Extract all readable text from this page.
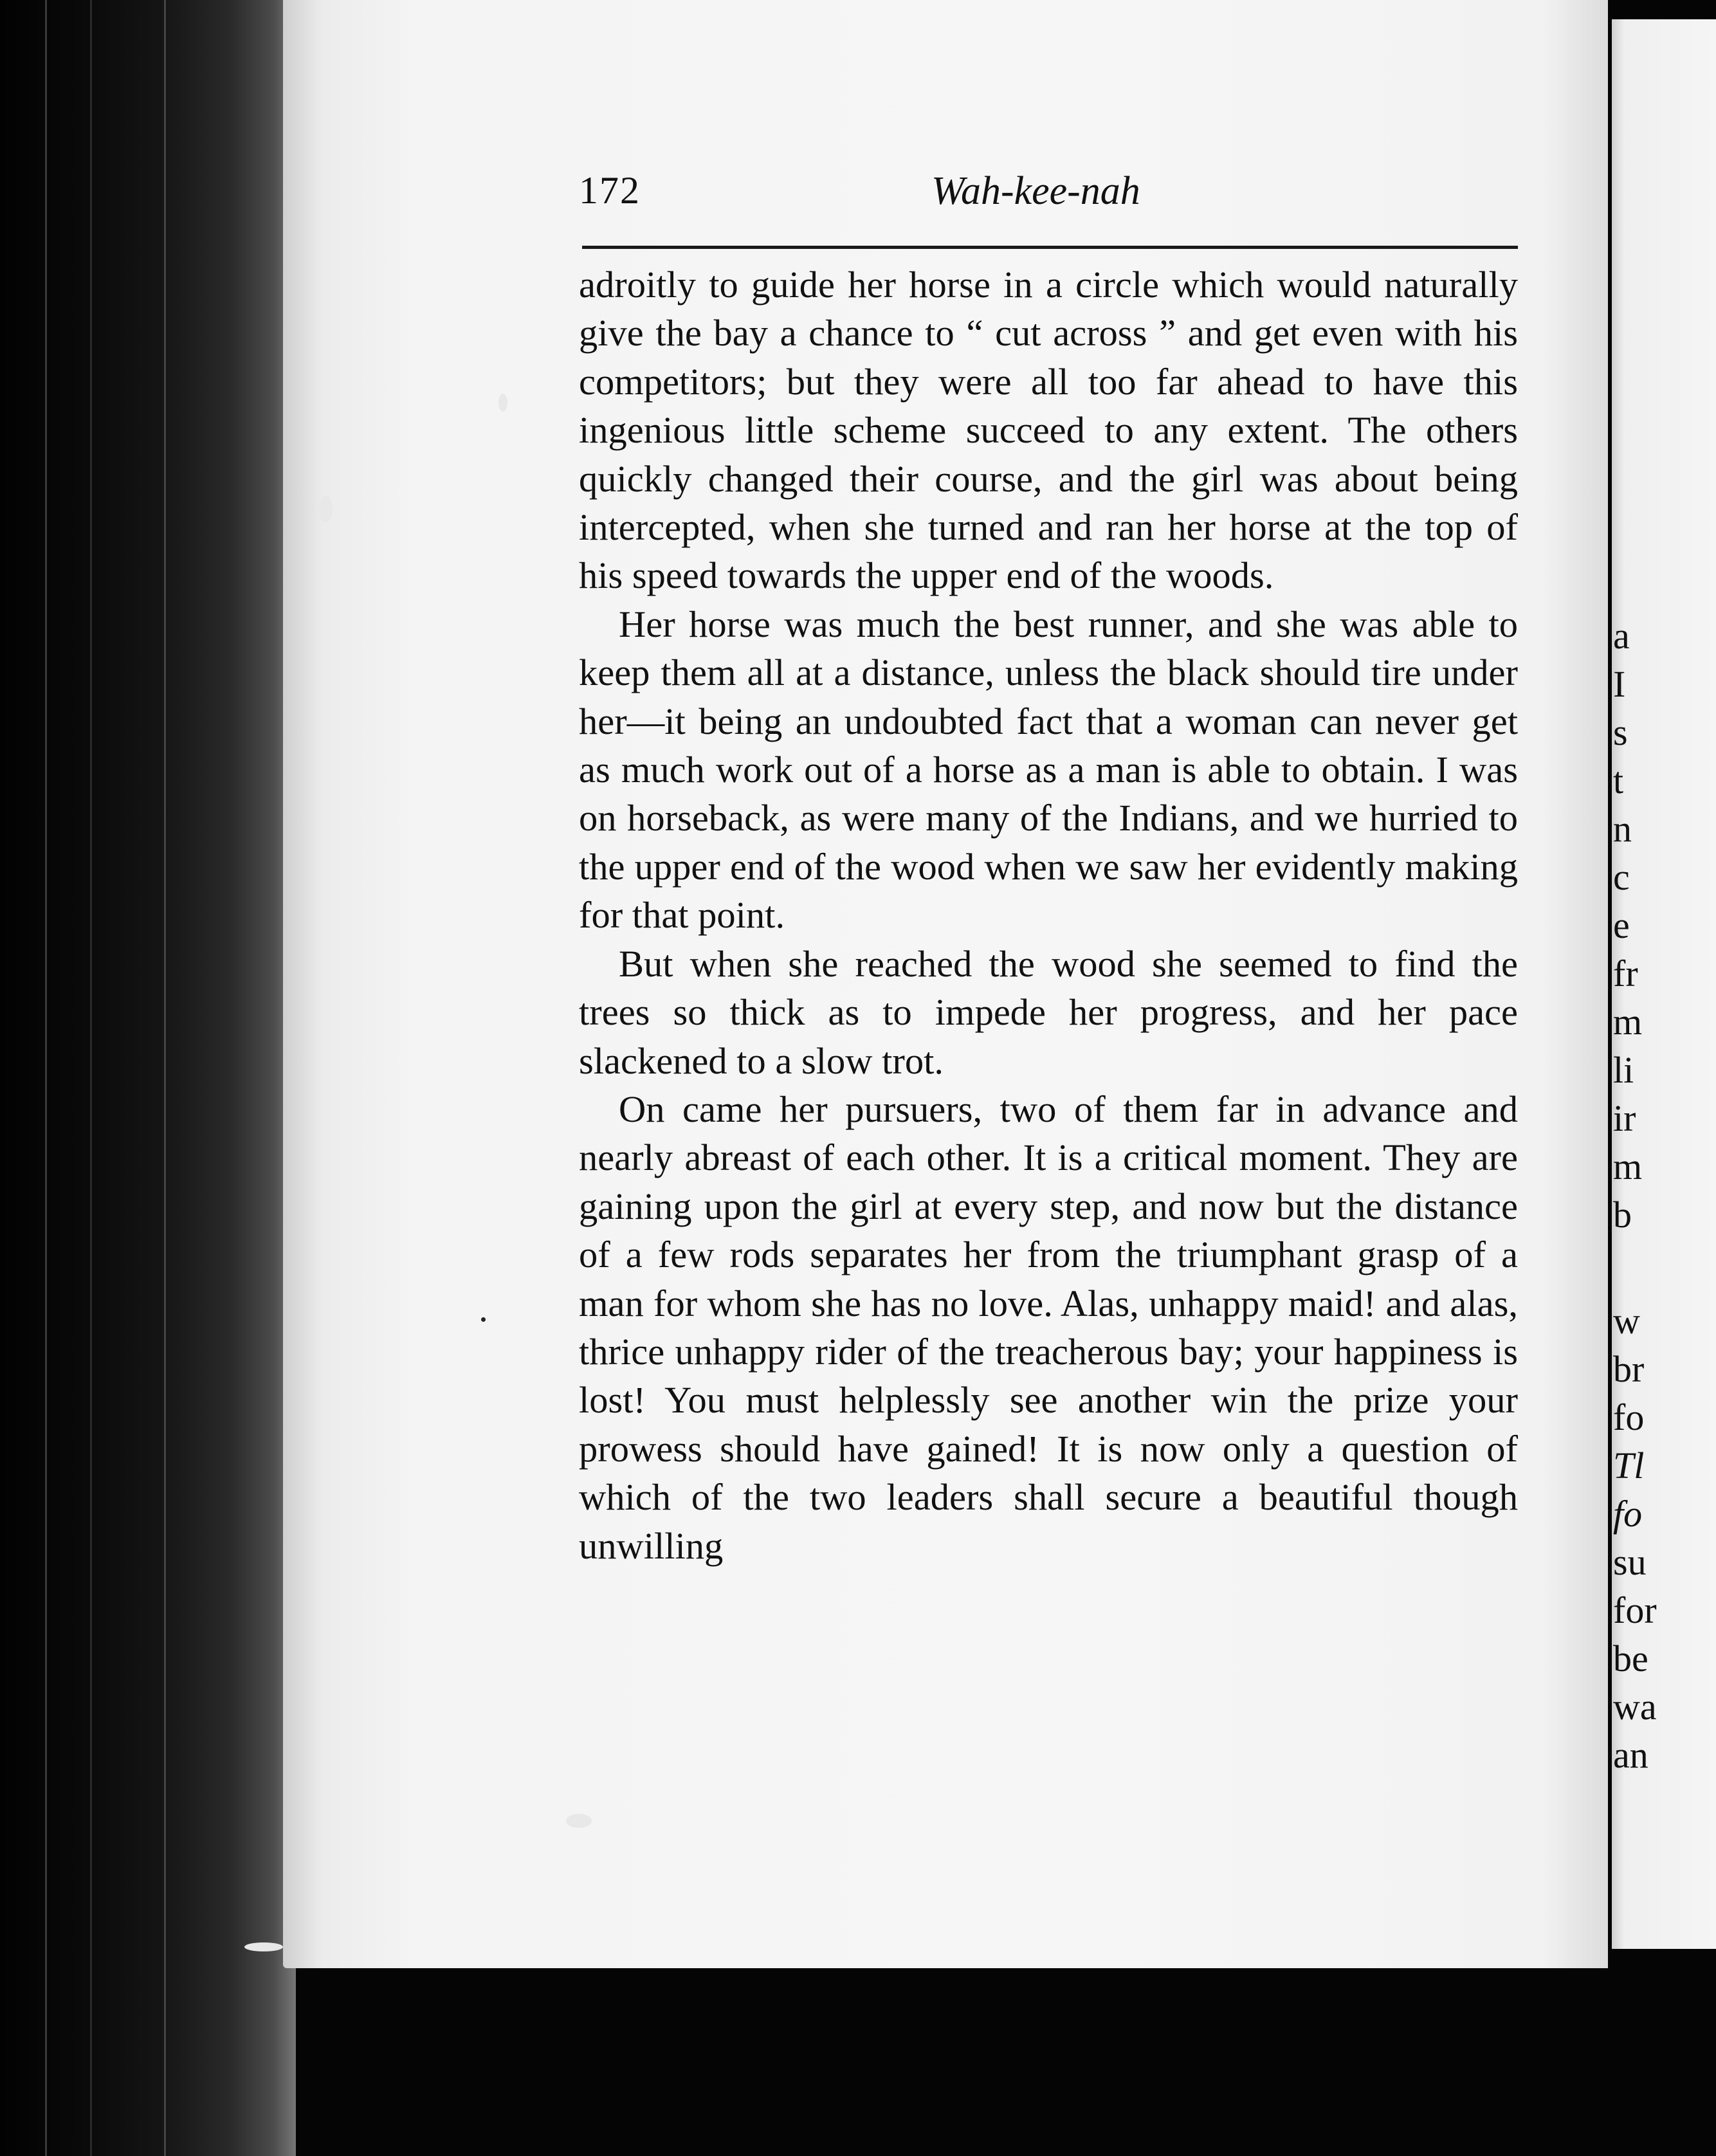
a
I
s
t
n
c
e
fr
m
li
ir
m
b
w
br
fo
Tl
fo
su
for
be
wa
an
172	Wah-kee-nah

adroitly to guide her horse in a circle which would naturally give the bay a chance to “ cut across ” and get even with his competitors; but they were all too far ahead to have this ingenious little scheme succeed to any extent. The others quickly changed their course, and the girl was about being intercepted, when she turned and ran her horse at the top of his speed towards the upper end of the woods.

Her horse was much the best runner, and she was able to keep them all at a distance, unless the black should tire under her—it being an undoubted fact that a woman can never get as much work out of a horse as a man is able to obtain. I was on horseback, as were many of the Indians, and we hurried to the upper end of the wood when we saw her evidently making for that point.

But when she reached the wood she seemed to find the trees so thick as to impede her progress, and her pace slackened to a slow trot.

On came her pursuers, two of them far in advance and nearly abreast of each other. It is a critical moment. They are gaining upon the girl at every step, and now but the distance of a few rods separates her from the triumphant grasp of a man for whom she has no love. Alas, unhappy maid! and alas, thrice unhappy rider of the treacherous bay; your happiness is lost! You must helplessly see another win the prize your prowess should have gained! It is now only a question of which of the two leaders shall secure a beautiful though unwilling
